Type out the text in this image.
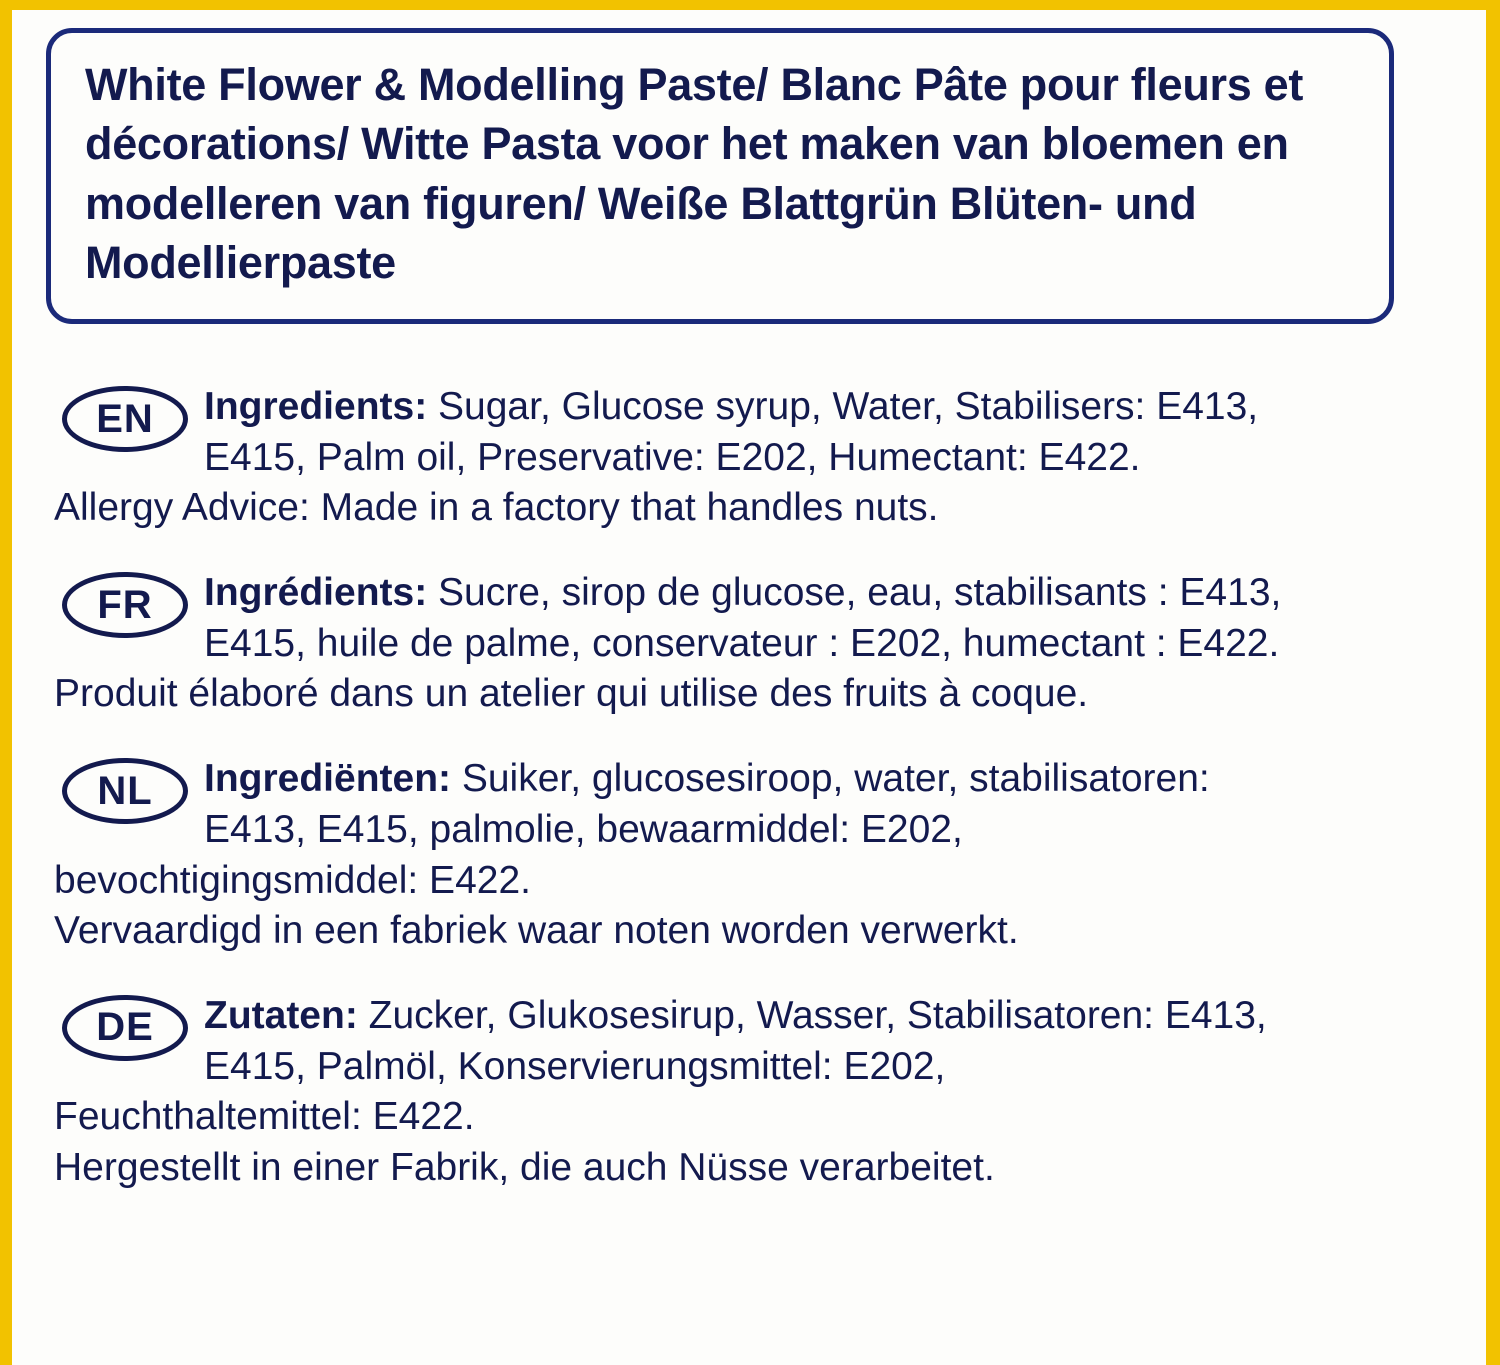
White Flower & Modelling Paste/ Blanc Pâte pour fleurs et décorations/ Witte Pasta voor het maken van bloemen en modelleren van figuren/ Weiße Blattgrün Blüten- und Modellierpaste

EN	Ingredients: Sugar, Glucose syrup, Water, Stabilisers: E413,
E415, Palm oil, Preservative: E202, Humectant: E422.
Allergy Advice: Made in a factory that handles nuts.
FR	Ingrédients: Sucre, sirop de glucose, eau, stabilisants : E413,
E415, huile de palme, conservateur : E202, humectant : E422.
Produit élaboré dans un atelier qui utilise des fruits à coque.
NL	Ingrediënten: Suiker, glucosesiroop, water, stabilisatoren:
E413, E415, palmolie, bewaarmiddel: E202,
bevochtigingsmiddel: E422.
Vervaardigd in een fabriek waar noten worden verwerkt.
DE	Zutaten: Zucker, Glukosesirup, Wasser, Stabilisatoren: E413,
E415, Palmöl, Konservierungsmittel: E202,
Feuchthaltemittel: E422.
Hergestellt in einer Fabrik, die auch Nüsse verarbeitet.
